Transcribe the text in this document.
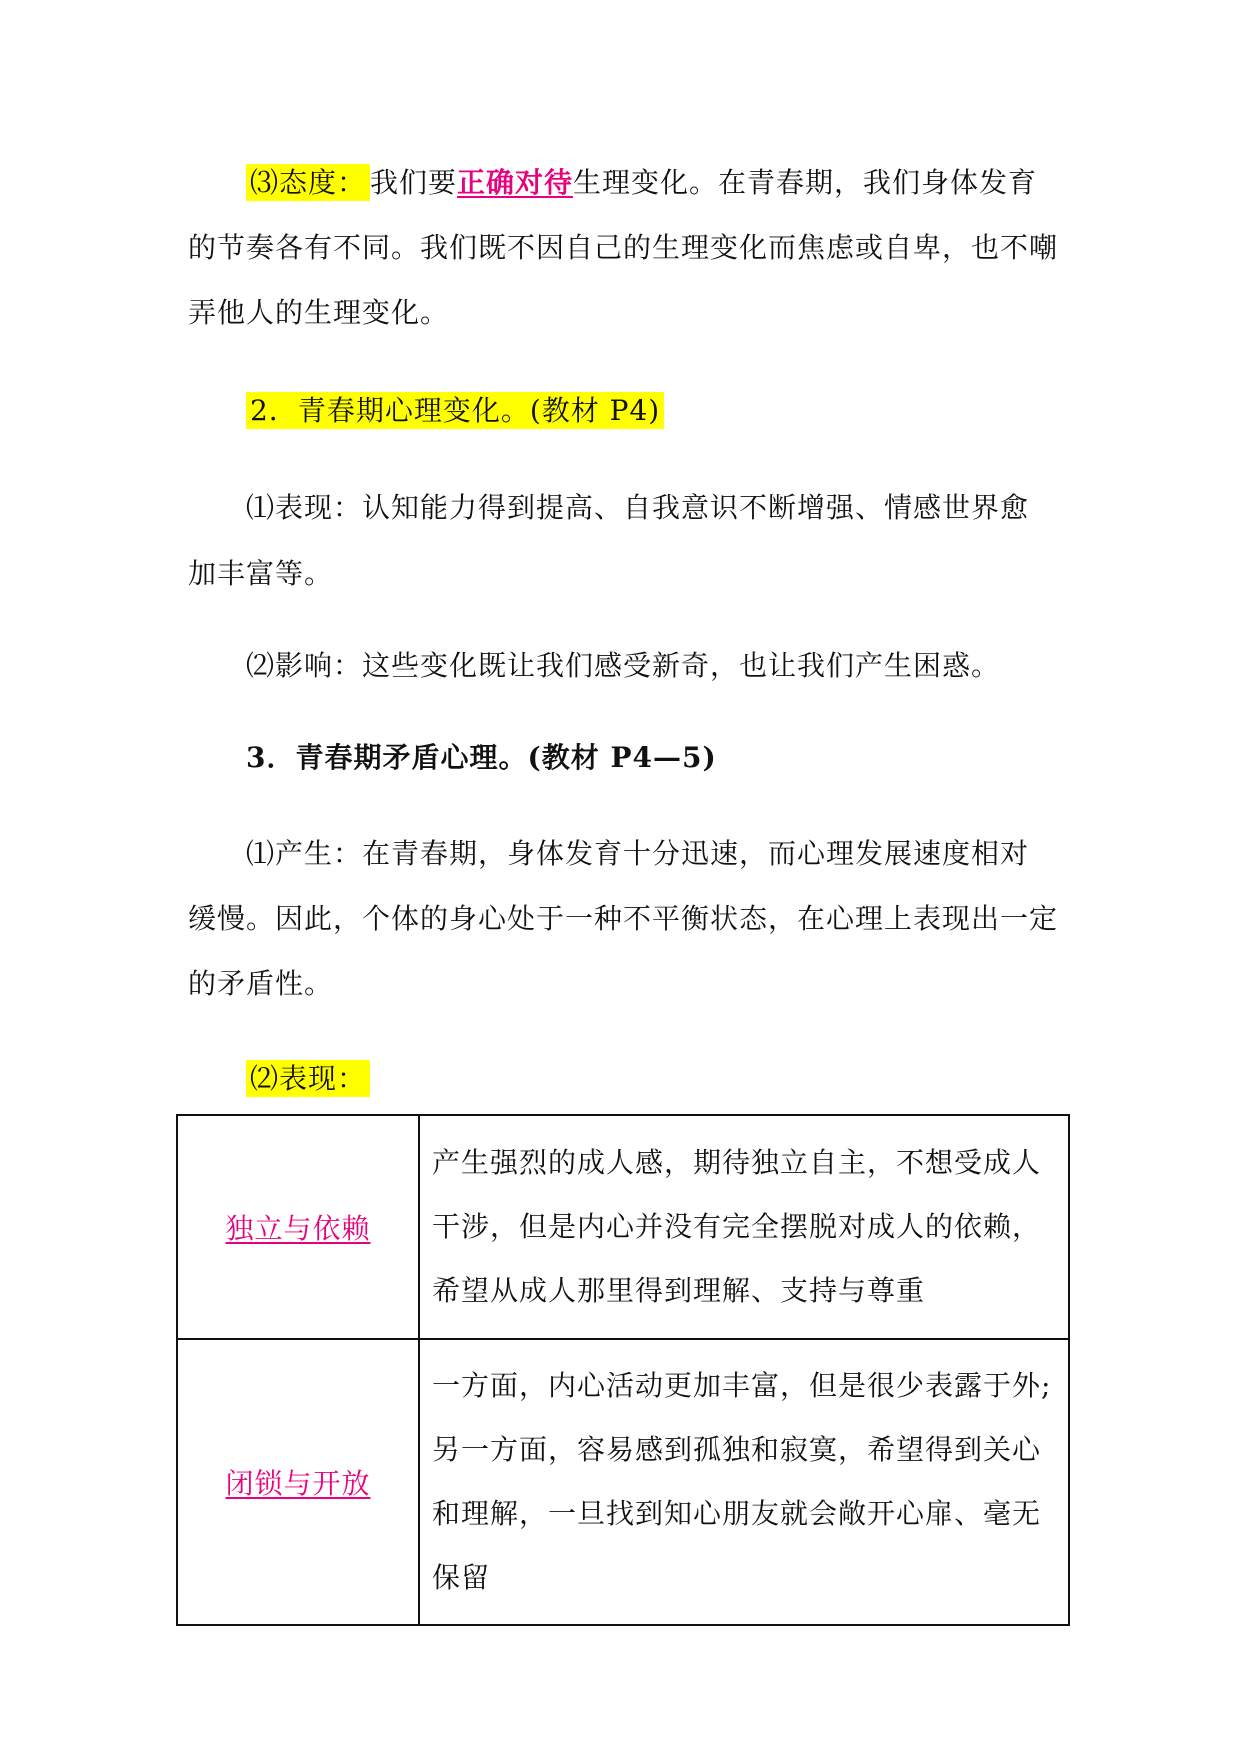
⑶态度： 我们要正确对待生理变化。在青春期，我们身体发育
的节奏各有不同。我们既不因自己的生理变化而焦虑或自卑，也不嘲
弄他人的生理变化。
2．青春期心理变化。(教材 P4)
⑴表现：认知能力得到提高、自我意识不断增强、情感世界愈
加丰富等。
⑵影响：这些变化既让我们感受新奇，也让我们产生困惑。
3．青春期矛盾心理。(教材 P4—5)
⑴产生：在青春期，身体发育十分迅速，而心理发展速度相对
缓慢。因此，个体的身心处于一种不平衡状态，在心理上表现出一定
的矛盾性。
⑵表现：
独立与依赖	产生强烈的成人感，期待独立自主，不想受成人
干涉，但是内心并没有完全摆脱对成人的依赖，
希望从成人那里得到理解、支持与尊重

闭锁与开放	一方面，内心活动更加丰富，但是很少表露于外;
另一方面，容易感到孤独和寂寞，希望得到关心
和理解，一旦找到知心朋友就会敞开心扉、毫无
保留
